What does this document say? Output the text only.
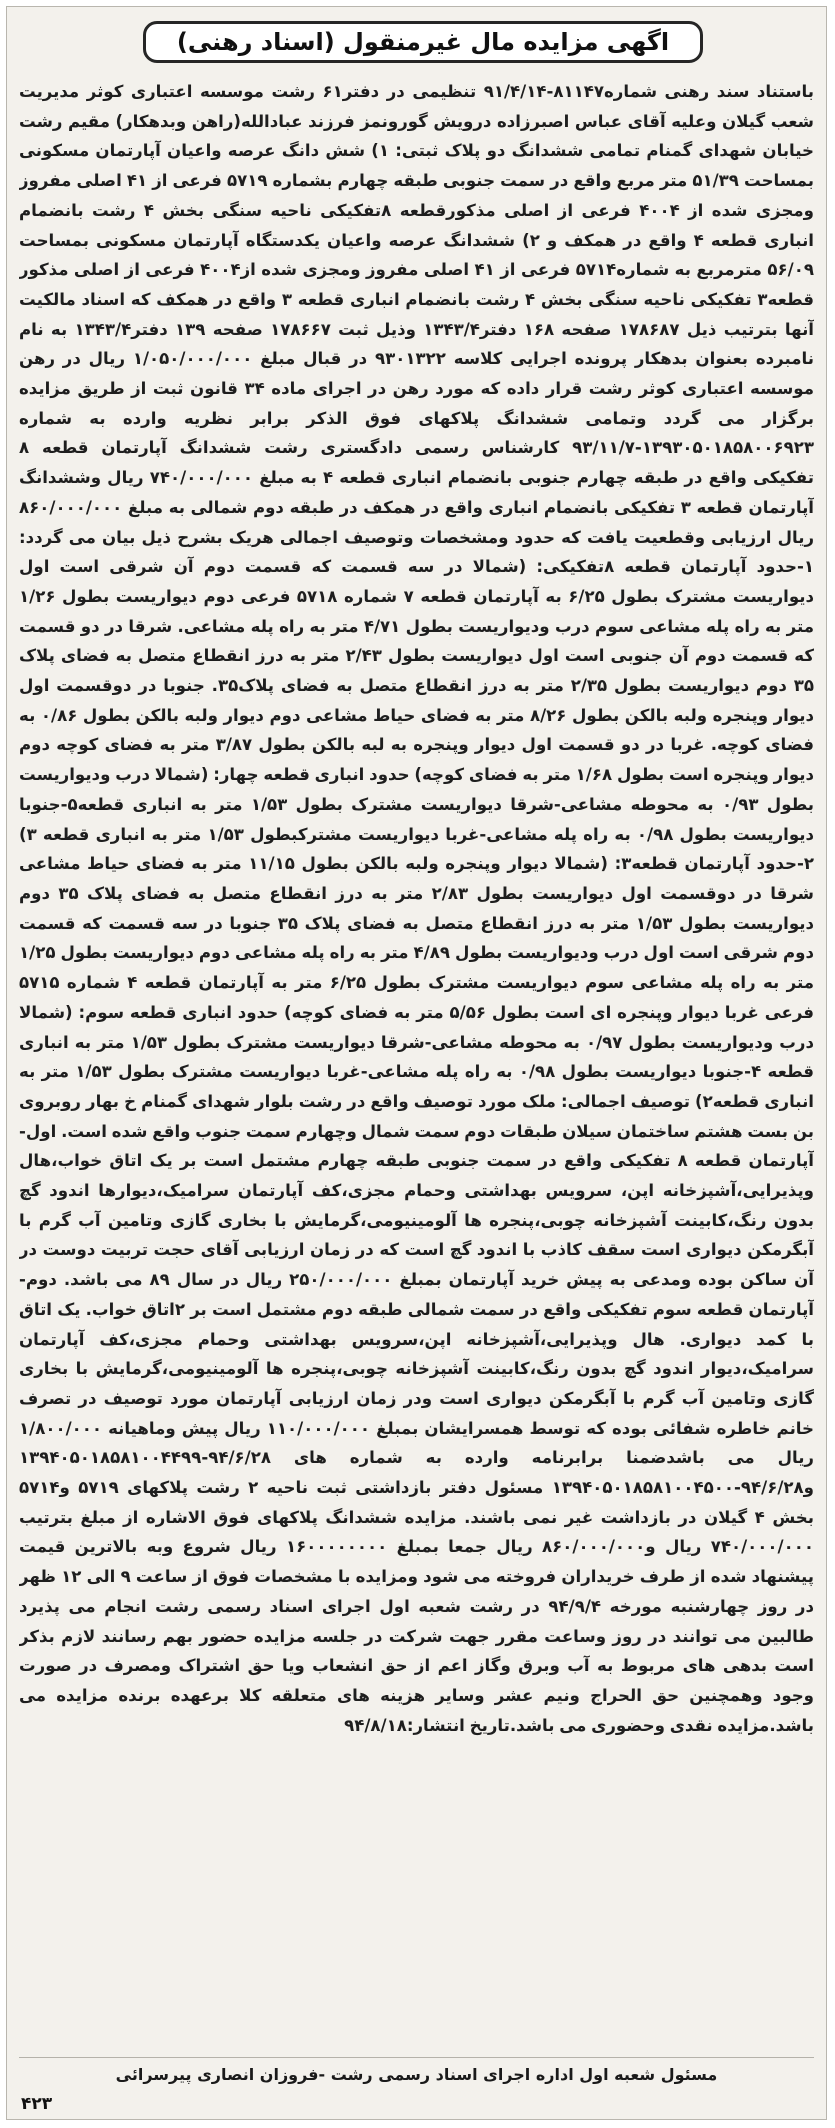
اگهی مزایده مال غیرمنقول (اسناد رهنی)

باستناد سند رهنی شماره۸۱۱۴۷-۹۱/۴/۱۴ تنظیمی در دفتر۶۱ رشت موسسه اعتباری کوثر مدیریت شعب گیلان وعلیه آقای عباس اصبرزاده درویش گورونمز فرزند عبادالله(راهن وبدهکار) مقیم رشت خیابان شهدای گمنام تمامی ششدانگ دو پلاک ثبتی: ۱) شش دانگ عرصه واعیان آپارتمان مسکونی بمساحت ۵۱/۳۹ متر مربع واقع در سمت جنوبی طبقه چهارم بشماره ۵۷۱۹ فرعی از ۴۱ اصلی مفروز ومجزی شده از ۴۰۰۴ فرعی از اصلی مذکورقطعه ۸تفکیکی ناحیه سنگی بخش ۴ رشت بانضمام انباری قطعه ۴ واقع در همکف و ۲) ششدانگ عرصه واعیان یکدستگاه آپارتمان مسکونی بمساحت ۵۶/۰۹ مترمربع به شماره۵۷۱۴ فرعی از ۴۱ اصلی مفروز ومجزی شده از۴۰۰۴ فرعی از اصلی مذکور قطعه۳ تفکیکی ناحیه سنگی بخش ۴ رشت بانضمام انباری قطعه ۳ واقع در همکف که اسناد مالکیت آنها بترتیب ذیل ۱۷۸۶۸۷ صفحه ۱۶۸ دفتر۱۳۴۳/۴ وذیل ثبت ۱۷۸۶۶۷ صفحه ۱۳۹ دفتر۱۳۴۳/۴ به نام نامبرده بعنوان بدهکار پرونده اجرایی کلاسه ۹۳۰۱۳۲۲ در قبال مبلغ ۱/۰۵۰/۰۰۰/۰۰۰ ریال در رهن موسسه اعتباری کوثر رشت قرار داده که مورد رهن در اجرای ماده ۳۴ قانون ثبت از طریق مزایده برگزار می گردد وتمامی ششدانگ پلاکهای فوق الذکر برابر نظریه وارده به شماره ۱۳۹۳۰۵۰۱۸۵۸۰۰۶۹۲۳-۹۳/۱۱/۷ کارشناس رسمی دادگستری رشت ششدانگ آپارتمان قطعه ۸ تفکیکی واقع در طبقه چهارم جنوبی بانضمام انباری قطعه ۴ به مبلغ ۷۴۰/۰۰۰/۰۰۰ ریال وششدانگ آپارتمان قطعه ۳ تفکیکی بانضمام انباری واقع در همکف در طبقه دوم شمالی به مبلغ ۸۶۰/۰۰۰/۰۰۰ ریال ارزیابی وقطعیت یافت که حدود ومشخصات وتوصیف اجمالی هریک بشرح ذیل بیان می گردد: ۱-حدود آپارتمان قطعه ۸تفکیکی: (شمالا در سه قسمت که قسمت دوم آن شرقی است اول دیواریست مشترک بطول ۶/۲۵ به آپارتمان قطعه ۷ شماره ۵۷۱۸ فرعی دوم دیواریست بطول ۱/۲۶ متر به راه پله مشاعی سوم درب ودیواریست بطول ۴/۷۱ متر به راه پله مشاعی. شرقا در دو قسمت که قسمت دوم آن جنوبی است اول دیواریست بطول ۲/۴۳ متر به درز انقطاع متصل به فضای پلاک ۳۵ دوم دیواریست بطول ۲/۳۵ متر به درز انقطاع متصل به فضای پلاک۳۵. جنوبا در دوقسمت اول دیوار وپنجره ولبه بالکن بطول ۸/۲۶ متر به فضای حیاط مشاعی دوم دیوار ولبه بالکن بطول ۰/۸۶ به فضای کوچه. غربا در دو قسمت اول دیوار وپنجره به لبه بالکن بطول ۳/۸۷ متر به فضای کوچه دوم دیوار وپنجره است بطول ۱/۶۸ متر به فضای کوچه) حدود انباری قطعه چهار: (شمالا درب ودیواریست بطول ۰/۹۳ به محوطه مشاعی-شرقا دیواریست مشترک بطول ۱/۵۳ متر به انباری قطعه۵-جنوبا دیواریست بطول ۰/۹۸ به راه پله مشاعی-غربا دیواریست مشترکبطول ۱/۵۳ متر به انباری قطعه ۳) ۲-حدود آپارتمان قطعه۳: (شمالا دیوار وپنجره ولبه بالکن بطول ۱۱/۱۵ متر به فضای حیاط مشاعی شرقا در دوقسمت اول دیواریست بطول ۲/۸۳ متر به درز انقطاع متصل به فضای پلاک ۳۵ دوم دیواریست بطول ۱/۵۳ متر به درز انقطاع متصل به فضای پلاک ۳۵ جنوبا در سه قسمت که قسمت دوم شرقی است اول درب ودیواریست بطول ۴/۸۹ متر به راه پله مشاعی دوم دیواریست بطول ۱/۲۵ متر به راه پله مشاعی سوم دیواریست مشترک بطول ۶/۲۵ متر به آپارتمان قطعه ۴ شماره ۵۷۱۵ فرعی غربا دیوار وپنجره ای است بطول ۵/۵۶ متر به فضای کوچه) حدود انباری قطعه سوم: (شمالا درب ودیواریست بطول ۰/۹۷ به محوطه مشاعی-شرقا دیواریست مشترک بطول ۱/۵۳ متر به انباری قطعه ۴-جنوبا دیواریست بطول ۰/۹۸ به راه پله مشاعی-غربا دیواریست مشترک بطول ۱/۵۳ متر به انباری قطعه۲) توصیف اجمالی: ملک مورد توصیف واقع در رشت بلوار شهدای گمنام خ بهار روبروی بن بست هشتم ساختمان سیلان طبقات دوم سمت شمال وچهارم سمت جنوب واقع شده است. اول- آپارتمان قطعه ۸ تفکیکی واقع در سمت جنوبی طبقه چهارم مشتمل است بر یک اتاق خواب،هال وپذیرایی،آشپزخانه اپن، سرویس بهداشتی وحمام مجزی،کف آپارتمان سرامیک،دیوارها اندود گچ بدون رنگ،کابینت آشپزخانه چوبی،پنجره ها آلومینیومی،گرمایش با بخاری گازی وتامین آب گرم با آبگرمکن دیواری است سقف کاذب با اندود گچ است که در زمان ارزیابی آقای حجت تربیت دوست در آن ساکن بوده ومدعی به پیش خرید آپارتمان بمبلغ ۲۵۰/۰۰۰/۰۰۰ ریال در سال ۸۹ می باشد. دوم- آپارتمان قطعه سوم تفکیکی واقع در سمت شمالی طبقه دوم مشتمل است بر ۲اتاق خواب. یک اتاق با کمد دیواری. هال وپذیرایی،آشپزخانه اپن،سرویس بهداشتی وحمام مجزی،کف آپارتمان سرامیک،دیوار اندود گچ بدون رنگ،کابینت آشپزخانه چوبی،پنجره ها آلومینیومی،گرمایش با بخاری گازی وتامین آب گرم با آبگرمکن دیواری است ودر زمان ارزیابی آپارتمان مورد توصیف در تصرف خانم خاطره شفائی بوده که توسط همسرایشان بمبلغ ۱۱۰/۰۰۰/۰۰۰ ریال پیش وماهیانه ۱/۸۰۰/۰۰۰ ریال می باشدضمنا برابرنامه وارده به شماره های ۹۴/۶/۲۸-۱۳۹۴۰۵۰۱۸۵۸۱۰۰۴۴۹۹ و۹۴/۶/۲۸-۱۳۹۴۰۵۰۱۸۵۸۱۰۰۴۵۰۰ مسئول دفتر بازداشتی ثبت ناحیه ۲ رشت پلاکهای ۵۷۱۹ و۵۷۱۴ بخش ۴ گیلان در بازداشت غیر نمی باشند. مزایده ششدانگ پلاکهای فوق الاشاره از مبلغ بترتیب ۷۴۰/۰۰۰/۰۰۰ ریال و۸۶۰/۰۰۰/۰۰۰ ریال جمعا بمبلغ ۱۶۰۰۰۰۰۰۰۰ ریال شروع وبه بالاترین قیمت پیشنهاد شده از طرف خریداران فروخته می شود ومزایده با مشخصات فوق از ساعت ۹ الی ۱۲ ظهر در روز چهارشنبه مورخه ۹۴/۹/۴ در رشت شعبه اول اجرای اسناد رسمی رشت انجام می پذیرد طالبین می توانند در روز وساعت مقرر جهت شرکت در جلسه مزایده حضور بهم رسانند لازم بذکر است بدهی های مربوط به آب وبرق وگاز اعم از حق انشعاب ویا حق اشتراک ومصرف در صورت وجود وهمچنین حق الحراج ونیم عشر وسایر هزینه های متعلقه کلا برعهده برنده مزایده می باشد.مزایده نقدی وحضوری می باشد.تاریخ انتشار:۹۴/۸/۱۸

مسئول شعبه اول اداره اجرای اسناد رسمی رشت -فروزان انصاری پیرسرائی
۴۲۳
